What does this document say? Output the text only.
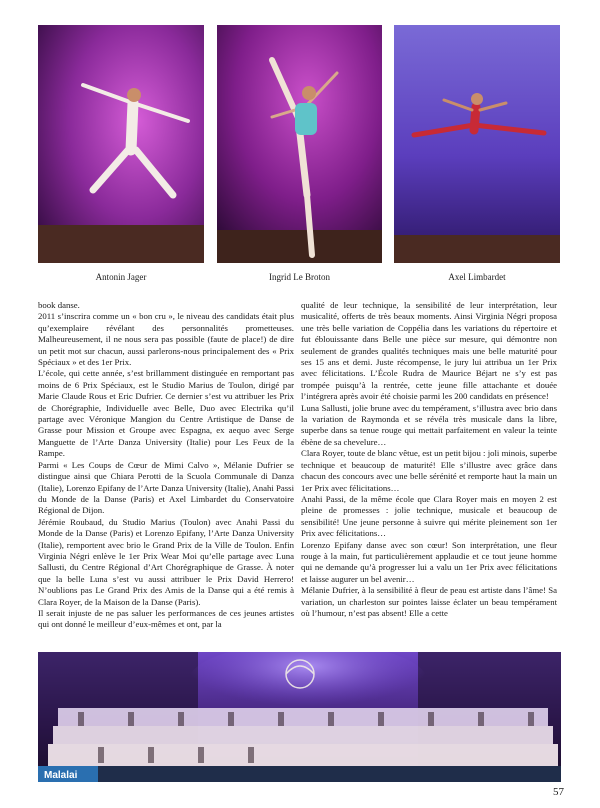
Antonin Jager	Ingrid Le Broton	Axel Limbardet

book danse.

2011 s’inscrira comme un « bon cru », le niveau des candidats était plus qu’exemplaire révélant des personnalités prometteuses. Malheureusement, il ne nous sera pas possible (faute de place!) de dire un petit mot sur chacun, aussi parlerons-nous principalement des « Prix Spéciaux » et des 1er Prix.

L’école, qui cette année, s’est brillamment distinguée en remportant pas moins de 6 Prix Spéciaux, est le Studio Marius de Toulon, dirigé par Marie Claude Rous et Eric Dufrier. Ce dernier s’est vu attribuer les Prix de Chorégraphie, Individuelle avec Belle, Duo avec Electrika qu’il partage avec Véronique Mangion du Centre Artistique de Danse de Grasse pour Mission et Groupe avec Espagna, ex aequo avec Serge Manguette de l’Arte Danza University (Italie) pour Les Feux de la Rampe.

Parmi « Les Coups de Cœur de Mimi Calvo », Mélanie Dufrier se distingue ainsi que Chiara Perotti de la Scuola Communale di Danza (Italie), Lorenzo Epifany de l’Arte Danza University (Italie), Anahi Passi du Monde de la Danse (Paris) et Axel Limbardet du Conservatoire Régional de Dijon.

Jérémie Roubaud, du Studio Marius (Toulon) avec Anahi Passi du Monde de la Danse (Paris) et Lorenzo Epifany, l’Arte Danza University (Italie), remportent avec brio le Grand Prix de la Ville de Toulon. Enfin Virginia Négri enlève le 1er Prix Wear Moi qu’elle partage avec Luna Sallusti, du Centre Régional d’Art Chorégraphique de Grasse. À noter que la belle Luna s’est vu aussi attribuer le Prix David Herrero! N’oublions pas Le Grand Prix des Amis de la Danse qui a été remis à Clara Royer, de la Maison de la Danse (Paris).

Il serait injuste de ne pas saluer les performances de ces jeunes artistes qui ont donné le meilleur d’eux-mêmes et ont, par la

qualité de leur technique, la sensibilité de leur interprétation, leur musicalité, offerts de très beaux moments. Ainsi Virginia Négri proposa une très belle variation de Coppélia dans les variations du répertoire et fut éblouissante dans Belle une pièce sur mesure, qui démontre non seulement de grandes qualités techniques mais une belle maturité pour ses 15 ans et demi. Juste récompense, le jury lui attribua un 1er Prix avec félicitations. L’École Rudra de Maurice Béjart ne s’y est pas trompée puisqu’à la rentrée, cette jeune fille attachante et douée l’intégrera après avoir été choisie parmi les 200 candidats en présence!

Luna Sallusti, jolie brune avec du tempérament, s’illustra avec brio dans la variation de Raymonda et se révéla très musicale dans la libre, superbe dans sa tenue rouge qui mettait parfaitement en valeur la teinte ébène de sa chevelure…

Clara Royer, toute de blanc vêtue, est un petit bijou : joli minois, superbe technique et beaucoup de maturité! Elle s’illustre avec grâce dans chacun des concours avec une belle sérénité et remporte haut la main un 1er Prix avec félicitations…

Anahi Passi, de la même école que Clara Royer mais en moyen 2 est pleine de promesses : jolie technique, musicale et beaucoup de sensibilité! Une jeune personne à suivre qui mérite pleinement son 1er Prix avec félicitations…

Lorenzo Epifany danse avec son cœur! Son interprétation, une fleur rouge à la main, fut particulièrement applaudie et ce tout jeune homme qui ne demande qu’à progresser lui a valu un 1er Prix avec félicitations et laisse augurer un bel avenir…

Mélanie Dufrier, à la sensibilité à fleur de peau est artiste dans l’âme! Sa variation, un charleston sur pointes laisse éclater un beau tempérament où l’humour, n’est pas absent! Elle a cette

Malalai
57
